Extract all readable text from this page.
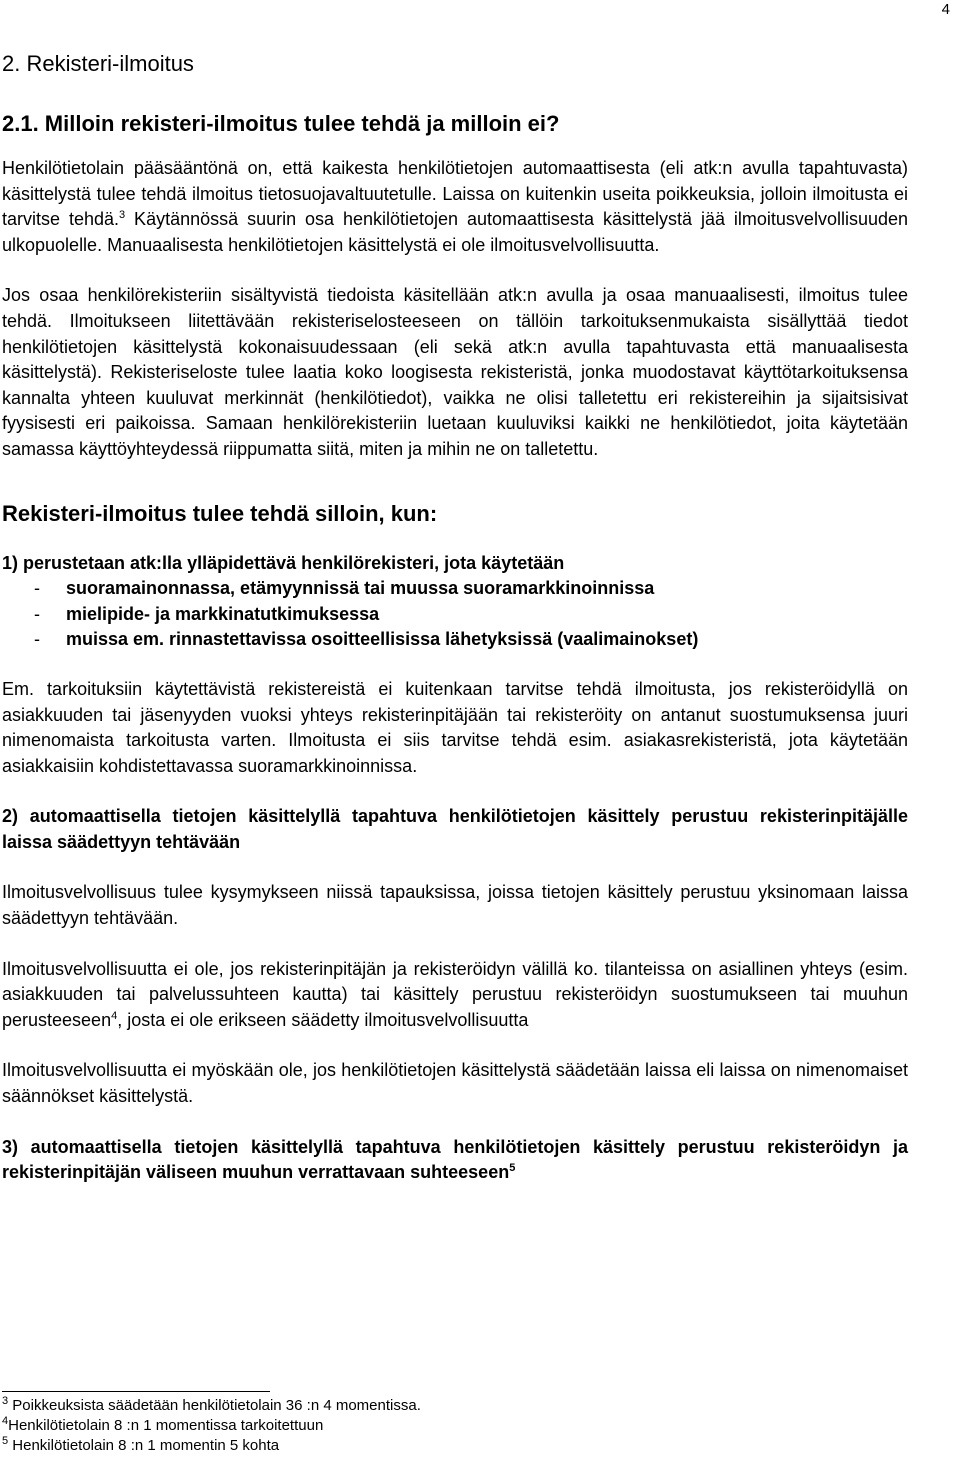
4
2. Rekisteri-ilmoitus
2.1. Milloin rekisteri-ilmoitus tulee tehdä ja milloin ei?

Henkilötietolain pääsääntönä on, että kaikesta henkilötietojen automaattisesta (eli atk:n avulla tapahtuvasta) käsittelystä tulee tehdä ilmoitus tietosuojavaltuutetulle. Laissa on kuitenkin useita poikkeuksia, jolloin ilmoitusta ei tarvitse tehdä.$^3$ Käytännössä suurin osa henkilötietojen automaattisesta käsittelystä jää ilmoitusvelvollisuuden ulkopuolelle. Manuaalisesta henkilötietojen käsittelystä ei ole ilmoitusvelvollisuutta.

Jos osaa henkilörekisteriin sisältyvistä tiedoista käsitellään atk:n avulla ja osaa manuaalisesti, ilmoitus tulee tehdä. Ilmoitukseen liitettävään rekisteriselosteeseen on tällöin tarkoituksenmukaista sisällyttää tiedot henkilötietojen käsittelystä kokonaisuudessaan (eli sekä atk:n avulla tapahtuvasta että manuaalisesta käsittelystä). Rekisteriseloste tulee laatia koko loogisesta rekisteristä, jonka muodostavat käyttötarkoituksensa kannalta yhteen kuuluvat merkinnät (henkilötiedot), vaikka ne olisi talletettu eri rekistereihin ja sijaitsisivat fyysisesti eri paikoissa. Samaan henkilörekisteriin luetaan kuuluviksi kaikki ne henkilötiedot, joita käytetään samassa käyttöyhteydessä riippumatta siitä, miten ja mihin ne on talletettu.

Rekisteri-ilmoitus tulee tehdä silloin, kun:
1) perustetaan atk:lla ylläpidettävä henkilörekisteri, jota käytetään
-	suoramainonnassa, etämyynnissä tai muussa suoramarkkinoinnissa
-	mielipide- ja markkinatutkimuksessa
-	muissa em. rinnastettavissa osoitteellisissa lähetyksissä (vaalimainokset)

Em. tarkoituksiin käytettävistä rekistereistä ei kuitenkaan tarvitse tehdä ilmoitusta, jos rekisteröidyllä on asiakkuuden tai jäsenyyden vuoksi yhteys rekisterinpitäjään tai rekisteröity on antanut suostumuksensa juuri nimenomaista tarkoitusta varten. Ilmoitusta ei siis tarvitse tehdä esim. asiakasrekisteristä, jota käytetään asiakkaisiin kohdistettavassa suoramarkkinoinnissa.

2) automaattisella tietojen käsittelyllä tapahtuva henkilötietojen käsittely perustuu rekisterinpitäjälle laissa säädettyyn tehtävään

Ilmoitusvelvollisuus tulee kysymykseen niissä tapauksissa, joissa tietojen käsittely perustuu yksinomaan laissa säädettyyn tehtävään.

Ilmoitusvelvollisuutta ei ole, jos rekisterinpitäjän ja rekisteröidyn välillä ko. tilanteissa on asiallinen yhteys (esim. asiakkuuden tai palvelussuhteen kautta) tai käsittely perustuu rekisteröidyn suostumukseen tai muuhun perusteeseen$^4$, josta ei ole erikseen säädetty ilmoitusvelvollisuutta

Ilmoitusvelvollisuutta ei myöskään ole, jos henkilötietojen käsittelystä säädetään laissa eli laissa on nimenomaiset säännökset käsittelystä.

3) automaattisella tietojen käsittelyllä tapahtuva henkilötietojen käsittely perustuu rekisteröidyn ja rekisterinpitäjän väliseen muuhun verrattavaan suhteeseen$^5$

$^3$ Poikkeuksista säädetään henkilötietolain 36 :n 4 momentissa.
$^4$Henkilötietolain 8 :n 1 momentissa tarkoitettuun
$^5$ Henkilötietolain 8 :n 1 momentin 5 kohta
